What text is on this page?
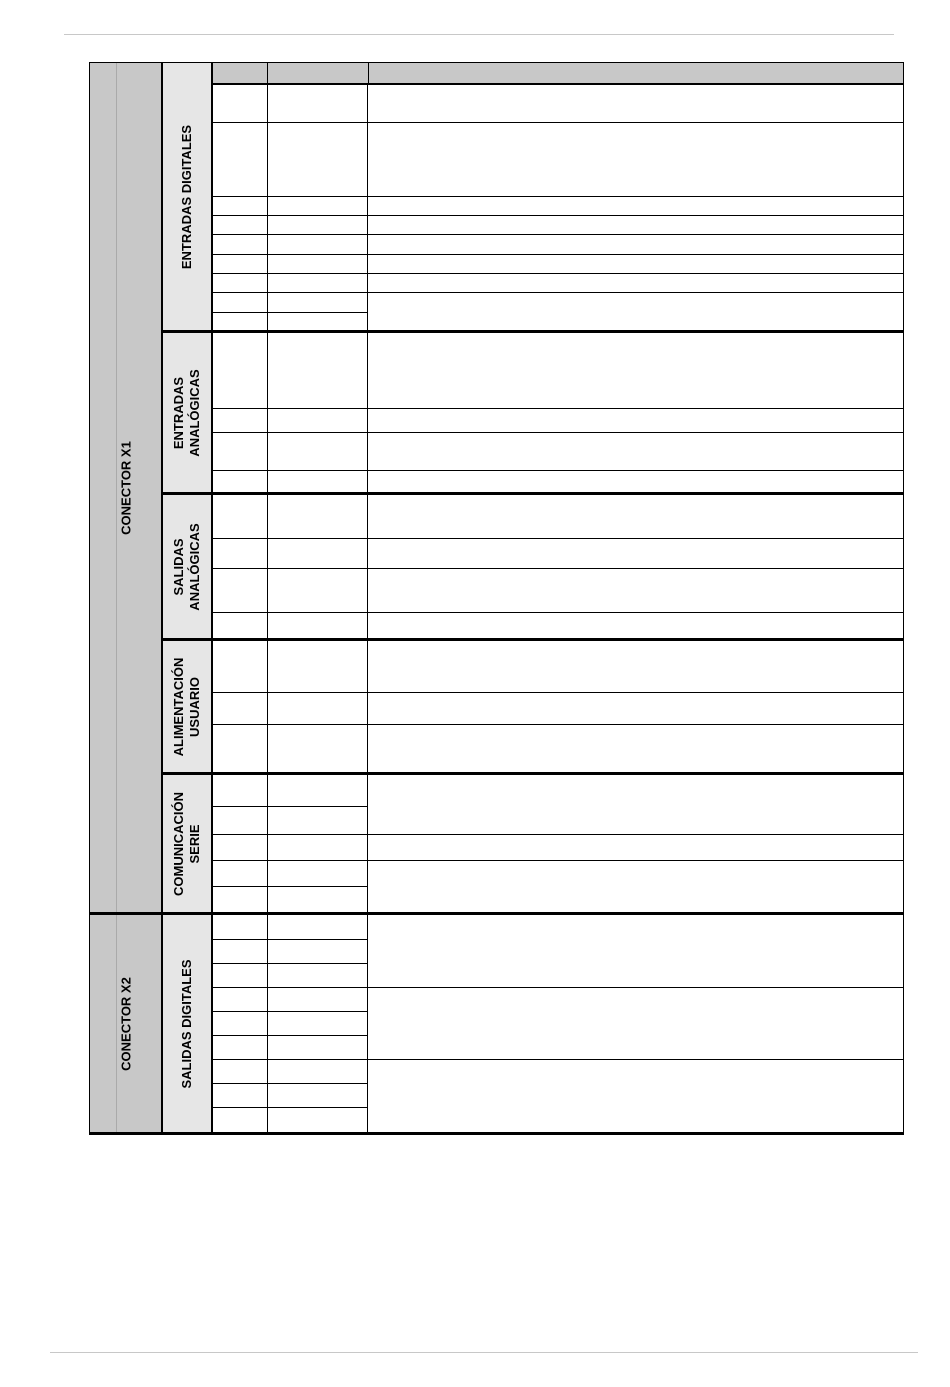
CONECTOR X1
CONECTOR X2
ENTRADAS DIGITALES
ENTRADAS ANALÓGICAS
SALIDAS ANALÓGICAS
ALIMENTACIÓN USUARIO
COMUNICACIÓN SERIE
SALIDAS DIGITALES
